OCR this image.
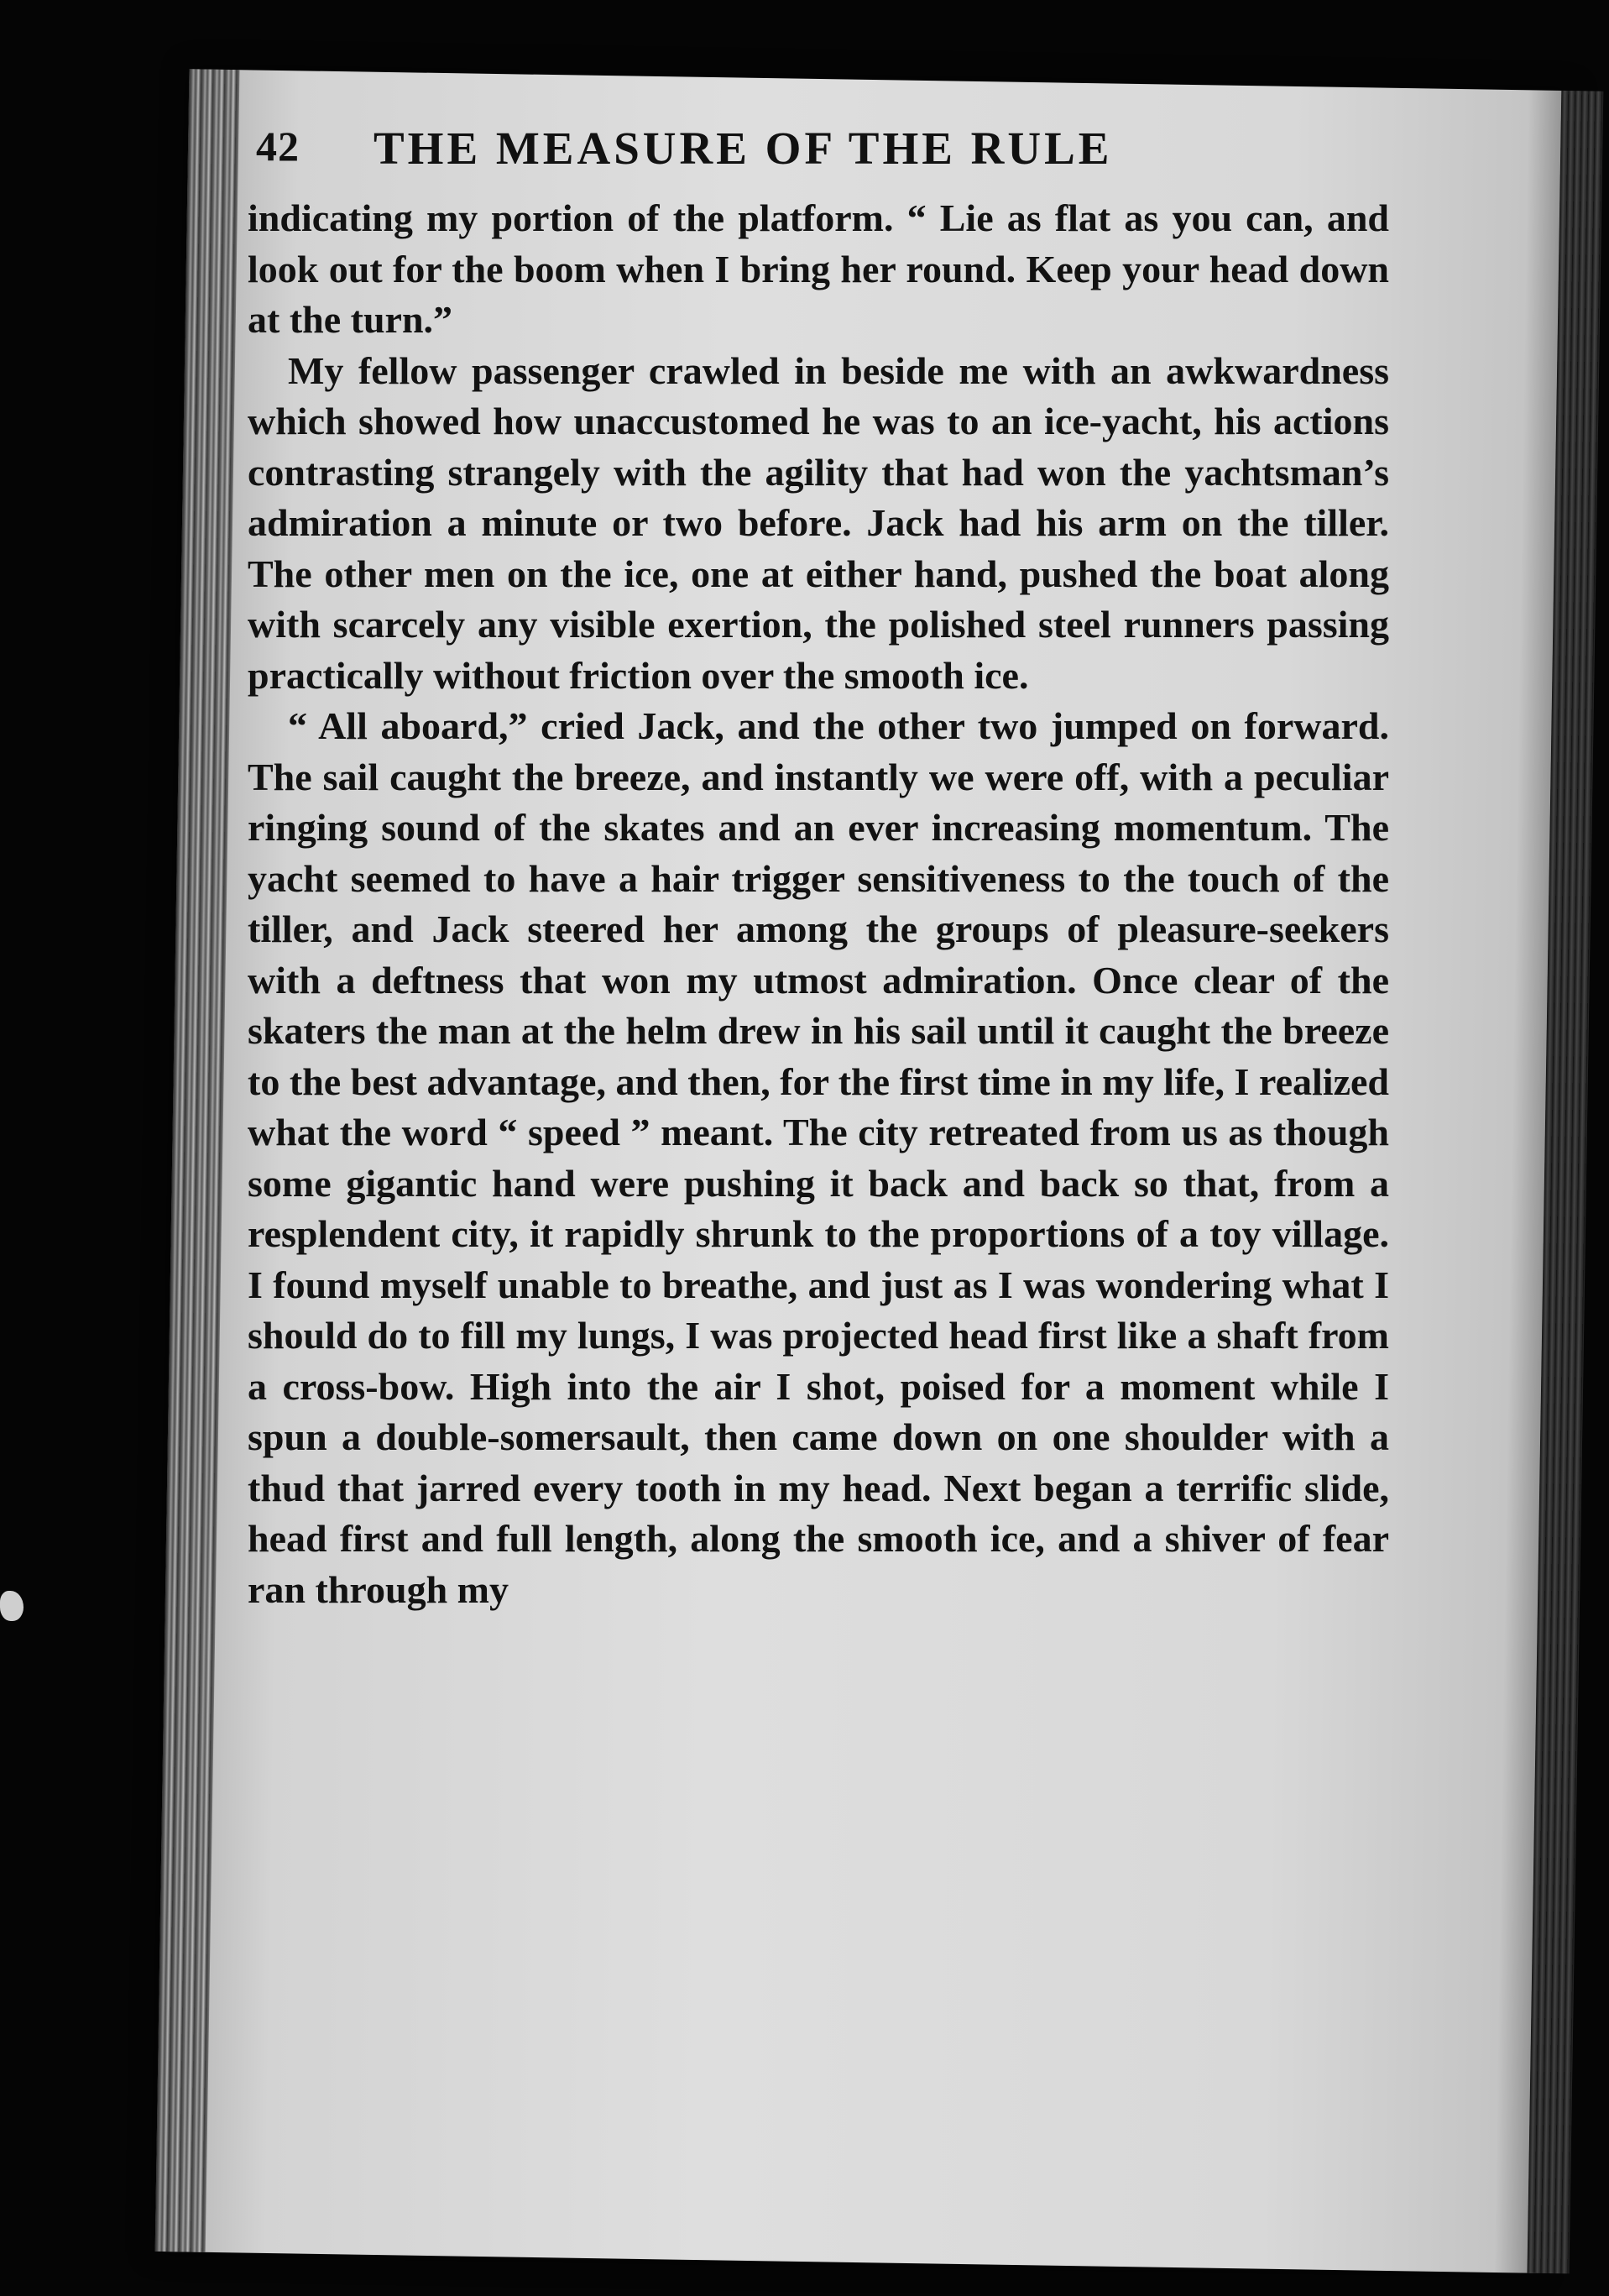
42 THE MEASURE OF THE RULE

indicating my portion of the platform. “ Lie as flat as you can, and look out for the boom when I bring her round. Keep your head down at the turn.”

My fellow passenger crawled in beside me with an awkwardness which showed how unaccustomed he was to an ice-yacht, his actions contrasting strangely with the agility that had won the yachtsman’s admiration a minute or two before. Jack had his arm on the tiller. The other men on the ice, one at either hand, pushed the boat along with scarcely any visible exertion, the polished steel runners passing practically without friction over the smooth ice.

“ All aboard,” cried Jack, and the other two jumped on forward. The sail caught the breeze, and instantly we were off, with a peculiar ringing sound of the skates and an ever increasing momentum. The yacht seemed to have a hair trigger sensitiveness to the touch of the tiller, and Jack steered her among the groups of pleasure-seekers with a deftness that won my utmost admiration. Once clear of the skaters the man at the helm drew in his sail until it caught the breeze to the best advantage, and then, for the first time in my life, I realized what the word “ speed ” meant. The city retreated from us as though some gigantic hand were pushing it back and back so that, from a resplendent city, it rapidly shrunk to the proportions of a toy village. I found myself unable to breathe, and just as I was wondering what I should do to fill my lungs, I was projected head first like a shaft from a cross-bow. High into the air I shot, poised for a moment while I spun a double-somersault, then came down on one shoulder with a thud that jarred every tooth in my head. Next began a terrific slide, head first and full length, along the smooth ice, and a shiver of fear ran through my
